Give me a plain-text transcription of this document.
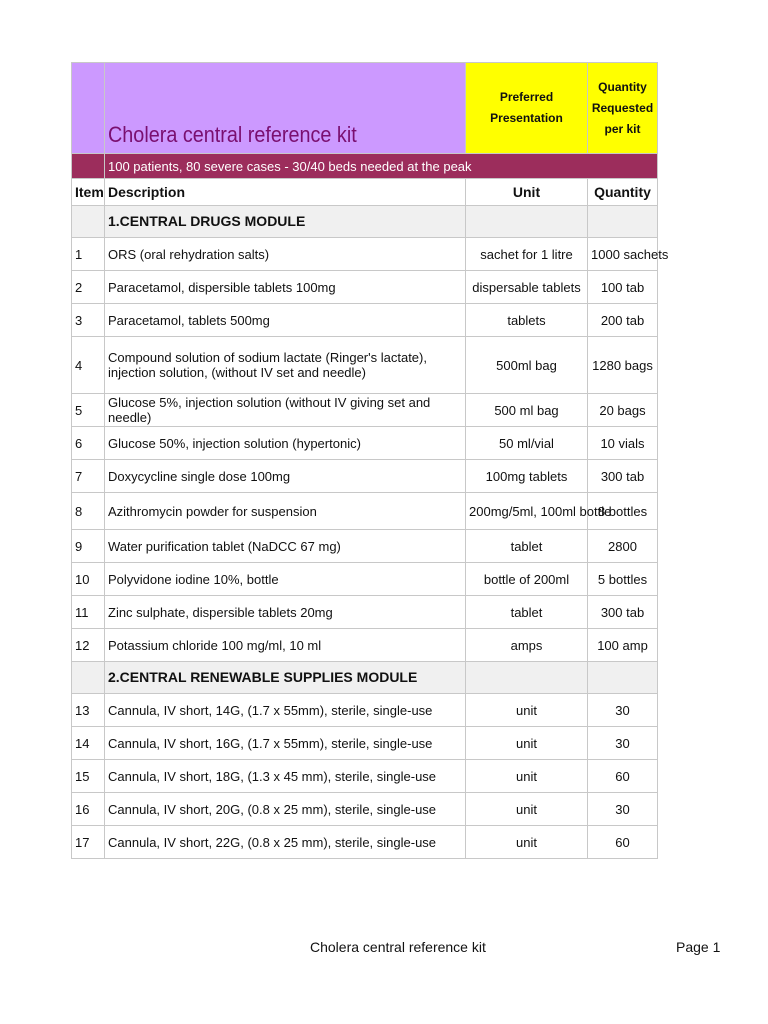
	Cholera central reference kit	Preferred Presentation	Quantity Requested per kit
	100 patients, 80 severe cases - 30/40 beds needed at the peak		
Item	Description	Unit	Quantity
	1.CENTRAL DRUGS MODULE		
1	ORS (oral rehydration salts)	sachet for 1 litre	1000 sachets
2	Paracetamol, dispersible tablets 100mg	dispersable tablets	100 tab
3	Paracetamol, tablets 500mg	tablets	200 tab
4	Compound solution of sodium lactate (Ringer's lactate), injection solution, (without IV set and needle)	500ml bag	1280 bags
5	Glucose 5%, injection solution (without IV giving set and needle)	500 ml bag	20 bags
6	Glucose 50%, injection solution (hypertonic)	50 ml/vial	10 vials
7	Doxycycline single dose 100mg	100mg tablets	300 tab
8	Azithromycin powder for suspension	200mg/5ml, 100ml bottle	8 bottles
9	Water purification tablet (NaDCC 67 mg)	tablet	2800
10	Polyvidone iodine 10%, bottle	bottle of 200ml	5 bottles
11	Zinc sulphate, dispersible tablets 20mg	tablet	300 tab
12	Potassium chloride 100 mg/ml, 10 ml	amps	100 amp
	2.CENTRAL RENEWABLE SUPPLIES MODULE		
13	Cannula, IV short, 14G, (1.7 x 55mm), sterile, single-use	unit	30
14	Cannula, IV short, 16G, (1.7 x 55mm), sterile, single-use	unit	30
15	Cannula, IV short, 18G, (1.3 x 45 mm), sterile, single-use	unit	60
16	Cannula, IV short, 20G, (0.8 x 25 mm), sterile, single-use	unit	30
17	Cannula, IV short, 22G, (0.8 x 25 mm), sterile, single-use	unit	60
Cholera central reference kit	Page 1
